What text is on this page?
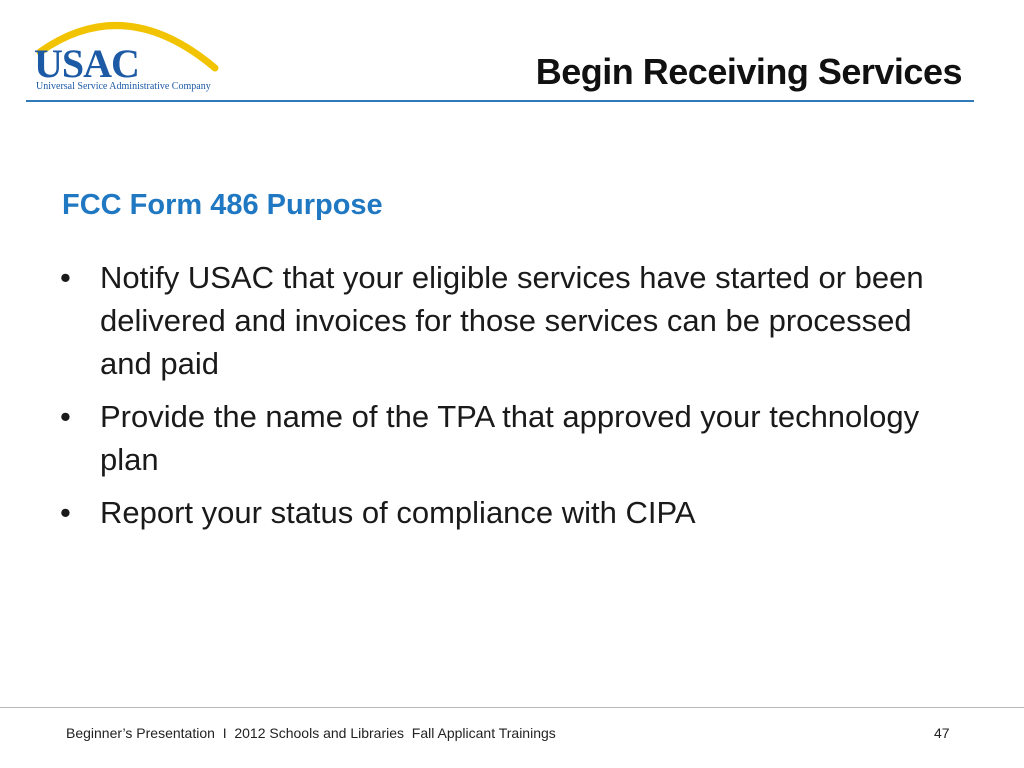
USAC
Universal Service Administrative Company	Begin Receiving Services
FCC Form 486 Purpose
• Notify USAC that your eligible services have started or been delivered and invoices for those services can be processed and paid
• Provide the name of the TPA that approved your technology plan
• Report your status of compliance with CIPA
Beginner’s Presentation  I  2012 Schools and Libraries  Fall Applicant Trainings	47
